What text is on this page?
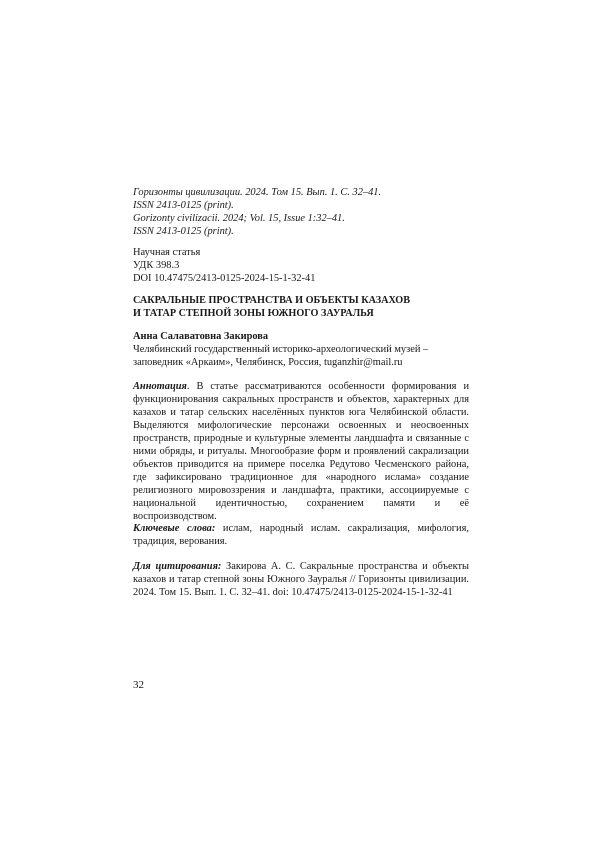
Горизонты цивилизации. 2024. Том 15. Вып. 1. С. 32–41.
ISSN 2413-0125 (print).
Gorizonty civilizacii. 2024; Vol. 15, Issue 1:32–41.
ISSN 2413-0125 (print).
Научная статья
УДК 398.3
DOI 10.47475/2413-0125-2024-15-1-32-41
САКРАЛЬНЫЕ ПРОСТРАНСТВА И ОБЪЕКТЫ КАЗАХОВ
И ТАТАР СТЕПНОЙ ЗОНЫ ЮЖНОГО ЗАУРАЛЬЯ
Анна Салаватовна Закирова
Челябинский государственный историко-археологический музей –
заповедник «Аркаим», Челябинск, Россия, tuganzhir@mail.ru
Аннотация. В статье рассматриваются особенности формирования и функционирования сакральных пространств и объектов, характерных для казахов и татар сельских населённых пунктов юга Челябинской области. Выделяются мифологические персонажи освоенных и неосвоенных пространств, природные и культурные элементы ландшафта и связанные с ними обряды, и ритуалы. Многообразие форм и проявлений сакрализации объектов приводится на примере поселка Редутово Чесменского района, где зафиксировано традиционное для «народного ислама» создание религиозного мировоззрения и ландшафта, практики, ассоциируемые с национальной идентичностью, сохранением памяти и её воспроизводством.
Ключевые слова: ислам, народный ислам. сакрализация, мифология, традиция, верования.
Для цитирования: Закирова А. С. Сакральные пространства и объекты казахов и татар степной зоны Южного Зауралья // Горизонты цивилизации. 2024. Том 15. Вып. 1. С. 32–41. doi: 10.47475/2413-0125-2024-15-1-32-41
32
